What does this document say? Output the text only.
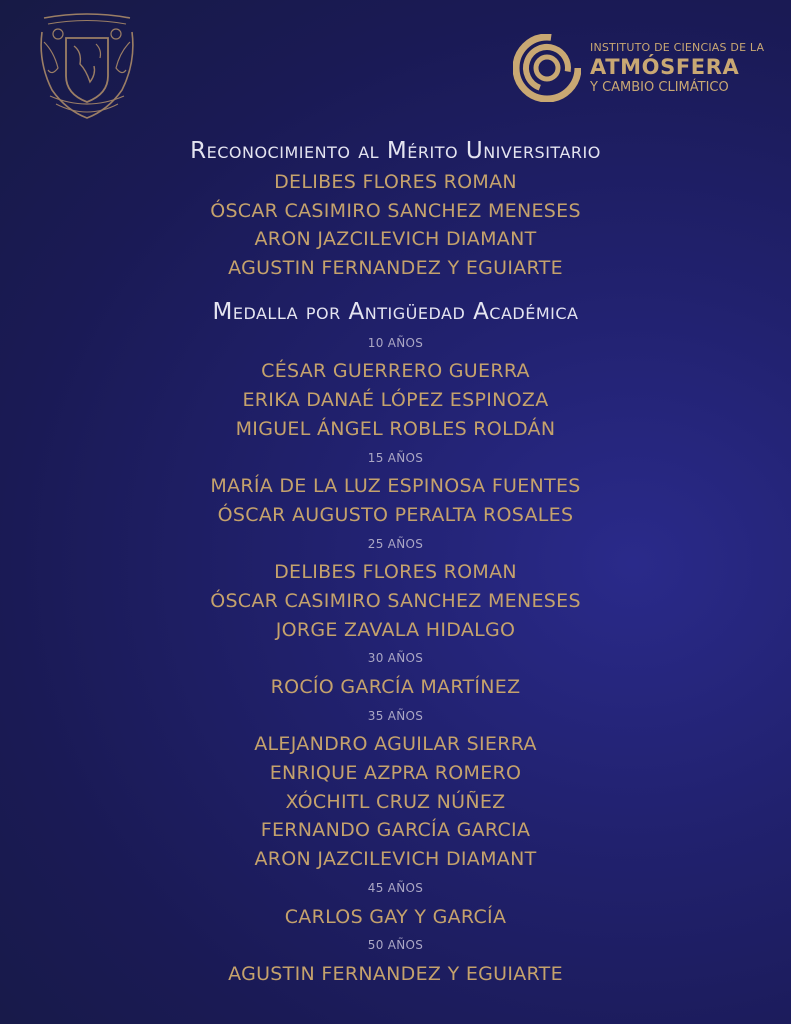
INSTITUTO DE CIENCIAS DE LA
ATMÓSFERA
Y CAMBIO CLIMÁTICO
Reconocimiento al Mérito Universitario
DELIBES FLORES ROMAN
ÓSCAR CASIMIRO SANCHEZ MENESES
ARON JAZCILEVICH DIAMANT
AGUSTIN FERNANDEZ Y EGUIARTE
Medalla por Antigüedad Académica
10 AÑOS
CÉSAR GUERRERO GUERRA
ERIKA DANAÉ LÓPEZ ESPINOZA
MIGUEL ÁNGEL ROBLES ROLDÁN
15 AÑOS
MARÍA DE LA LUZ ESPINOSA FUENTES
ÓSCAR AUGUSTO PERALTA ROSALES
25 AÑOS
DELIBES FLORES ROMAN
ÓSCAR CASIMIRO SANCHEZ MENESES
JORGE ZAVALA HIDALGO
30 AÑOS
ROCÍO GARCÍA MARTÍNEZ
35 AÑOS
ALEJANDRO AGUILAR SIERRA
ENRIQUE AZPRA ROMERO
XÓCHITL CRUZ NÚÑEZ
FERNANDO GARCÍA GARCIA
ARON JAZCILEVICH DIAMANT
45 AÑOS
CARLOS GAY Y GARCÍA
50 AÑOS
AGUSTIN FERNANDEZ Y EGUIARTE
